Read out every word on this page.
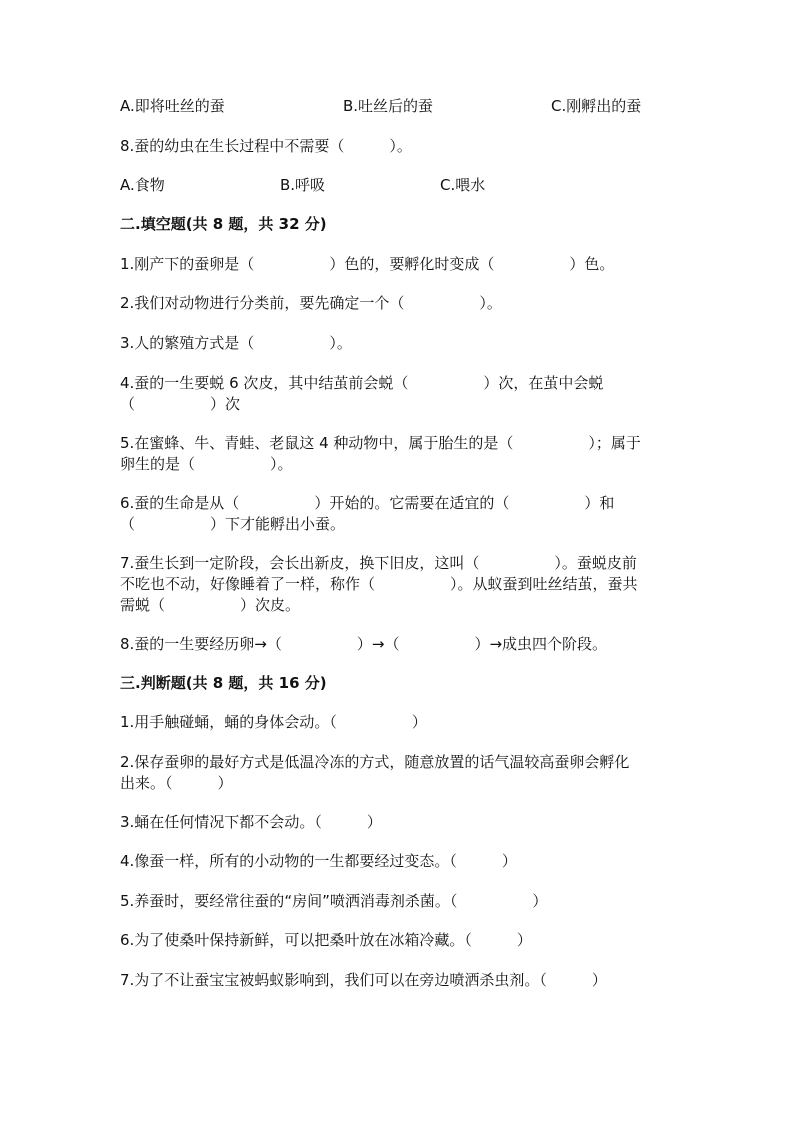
A.即将吐丝的蚕	B.吐丝后的蚕	C.刚孵出的蚕
8.蚕的幼虫在生长过程中不需要（　　　）。
A.食物	B.呼吸	C.喂水
二.填空题(共 8 题，共 32 分)
1.刚产下的蚕卵是（　　　　　）色的，要孵化时变成（　　　　　）色。
2.我们对动物进行分类前，要先确定一个（　　　　　）。
3.人的繁殖方式是（　　　　　）。
4.蚕的一生要蜕 6 次皮，其中结茧前会蜕（　　　　　）次，在茧中会蜕
（　　　　　）次
5.在蜜蜂、牛、青蛙、老鼠这 4 种动物中，属于胎生的是（　　　　　）；属于
卵生的是（　　　　　）。
6.蚕的生命是从（　　　　　）开始的。它需要在适宜的（　　　　　）和
（　　　　　）下才能孵出小蚕。
7.蚕生长到一定阶段，会长出新皮，换下旧皮，这叫（　　　　　）。蚕蜕皮前
不吃也不动，好像睡着了一样，称作（　　　　　）。从蚁蚕到吐丝结茧，蚕共
需蜕（　　　　　）次皮。
8.蚕的一生要经历卵→（　　　　　）→（　　　　　）→成虫四个阶段。
三.判断题(共 8 题，共 16 分)
1.用手触碰蛹，蛹的身体会动。（　　　　　）
2.保存蚕卵的最好方式是低温冷冻的方式，随意放置的话气温较高蚕卵会孵化
出来。（　　　）
3.蛹在任何情况下都不会动。（　　　）
4.像蚕一样，所有的小动物的一生都要经过变态。（　　　）
5.养蚕时，要经常往蚕的“房间”喷洒消毒剂杀菌。（　　　　　）
6.为了使桑叶保持新鲜，可以把桑叶放在冰箱冷藏。（　　　）
7.为了不让蚕宝宝被蚂蚁影响到，我们可以在旁边喷洒杀虫剂。（　　　）
